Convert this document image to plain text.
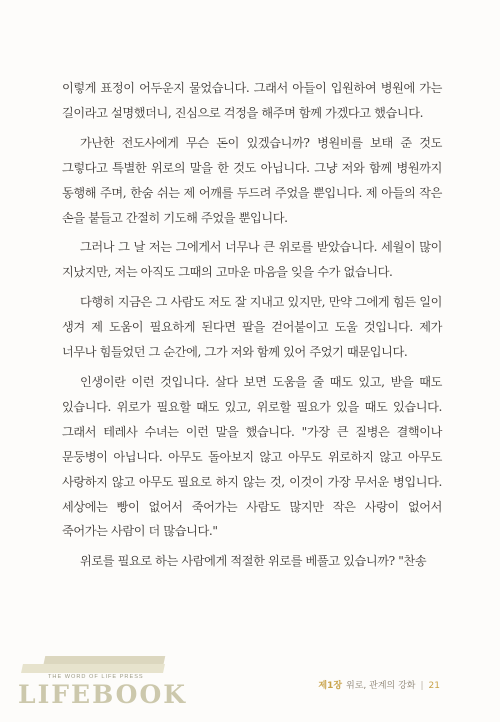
이렇게 표정이 어두운지 물었습니다. 그래서 아들이 입원하여 병원에 가는 길이라고 설명했더니, 진심으로 걱정을 해주며 함께 가겠다고 했습니다.

가난한 전도사에게 무슨 돈이 있겠습니까? 병원비를 보태 준 것도 그렇다고 특별한 위로의 말을 한 것도 아닙니다. 그냥 저와 함께 병원까지 동행해 주며, 한숨 쉬는 제 어깨를 두드려 주었을 뿐입니다. 제 아들의 작은 손을 붙들고 간절히 기도해 주었을 뿐입니다.

그러나 그 날 저는 그에게서 너무나 큰 위로를 받았습니다. 세월이 많이 지났지만, 저는 아직도 그때의 고마운 마음을 잊을 수가 없습니다.

다행히 지금은 그 사람도 저도 잘 지내고 있지만, 만약 그에게 힘든 일이 생겨 제 도움이 필요하게 된다면 팔을 걷어붙이고 도울 것입니다. 제가 너무나 힘들었던 그 순간에, 그가 저와 함께 있어 주었기 때문입니다.

인생이란 이런 것입니다. 살다 보면 도움을 줄 때도 있고, 받을 때도 있습니다. 위로가 필요할 때도 있고, 위로할 필요가 있을 때도 있습니다. 그래서 테레사 수녀는 이런 말을 했습니다. "가장 큰 질병은 결핵이나 문둥병이 아닙니다. 아무도 돌아보지 않고 아무도 위로하지 않고 아무도 사랑하지 않고 아무도 필요로 하지 않는 것, 이것이 가장 무서운 병입니다. 세상에는 빵이 없어서 죽어가는 사람도 많지만 작은 사랑이 없어서 죽어가는 사람이 더 많습니다."

위로를 필요로 하는 사람에게 적절한 위로를 베풀고 있습니까? "찬송

THE WORD OF LIFE PRESS
LIFEBOOK	제1장 위로, 관계의 강화 | 21
